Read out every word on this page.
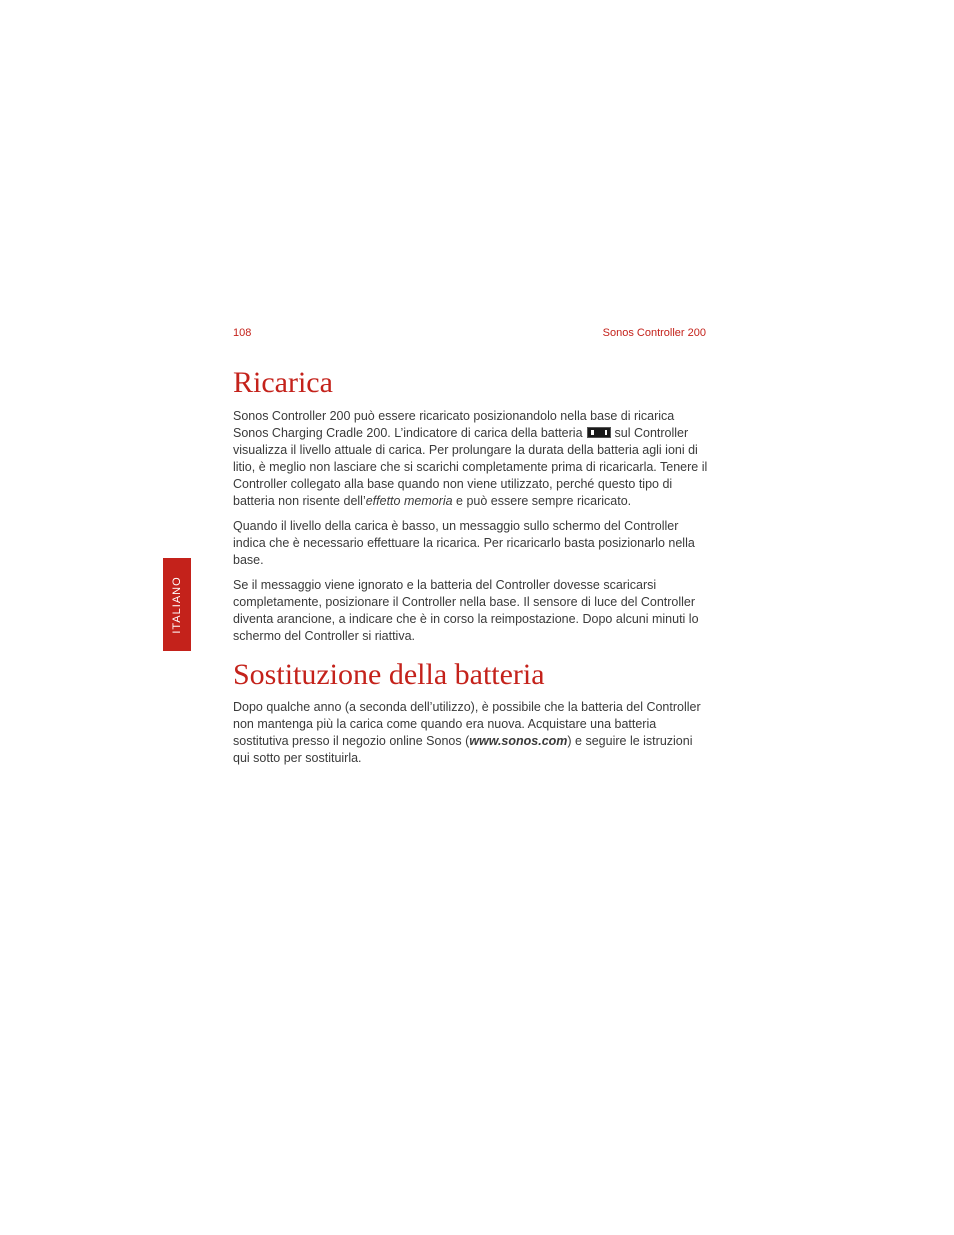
108	Sonos Controller 200
ITALIANO
Ricarica

Sonos Controller 200 può essere ricaricato posizionandolo nella base di ricarica Sonos Charging Cradle 200. L’indicatore di carica della batteria	sul Controller visualizza il livello attuale di carica. Per prolungare la durata della batteria agli ioni di litio, è meglio non lasciare che si scarichi completamente prima di ricaricarla. Tenere il Controller collegato alla base quando non viene utilizzato, perché questo tipo di batteria non risente dell’effetto memoria e può essere sempre ricaricato.

Quando il livello della carica è basso, un messaggio sullo schermo del Controller indica che è necessario effettuare la ricarica. Per ricaricarlo basta posizionarlo nella base.

Se il messaggio viene ignorato e la batteria del Controller dovesse scaricarsi completamente, posizionare il Controller nella base. Il sensore di luce del Controller diventa arancione, a indicare che è in corso la reimpostazione. Dopo alcuni minuti lo schermo del Controller si riattiva.

Sostituzione della batteria

Dopo qualche anno (a seconda dell’utilizzo), è possibile che la batteria del Controller non mantenga più la carica come quando era nuova. Acquistare una batteria sostitutiva presso il negozio online Sonos (www.sonos.com) e seguire le istruzioni qui sotto per sostituirla.
